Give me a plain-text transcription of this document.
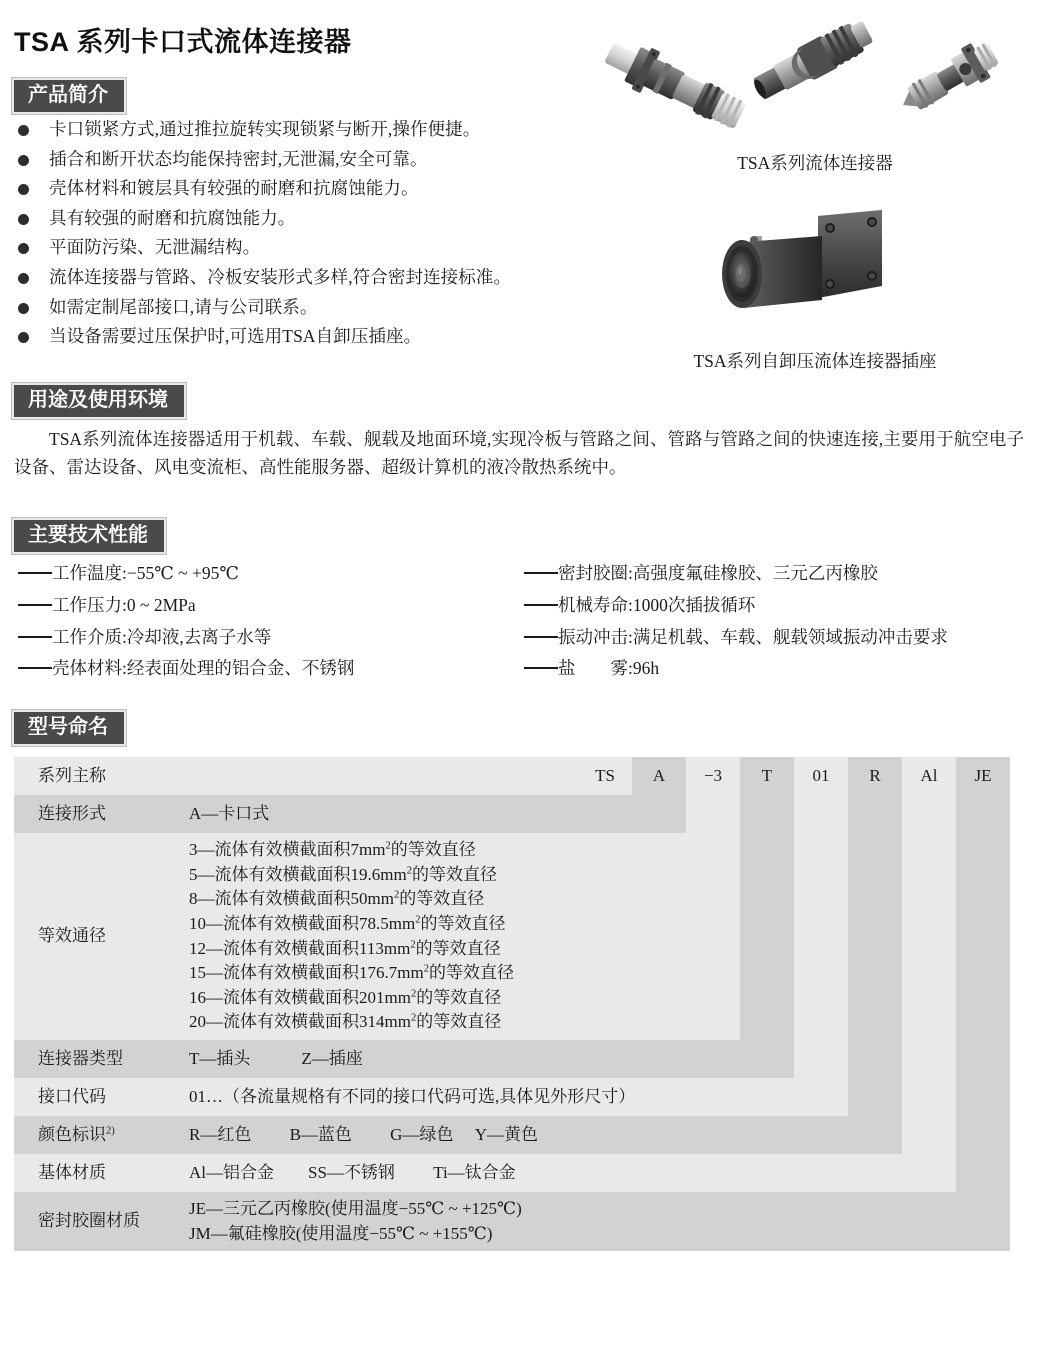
TSA 系列卡口式流体连接器
产品简介
卡口锁紧方式,通过推拉旋转实现锁紧与断开,操作便捷。
插合和断开状态均能保持密封,无泄漏,安全可靠。
壳体材料和镀层具有较强的耐磨和抗腐蚀能力。
具有较强的耐磨和抗腐蚀能力。
平面防污染、无泄漏结构。
流体连接器与管路、冷板安装形式多样,符合密封连接标准。
如需定制尾部接口,请与公司联系。
当设备需要过压保护时,可选用TSA自卸压插座。
TSA系列流体连接器
TSA系列自卸压流体连接器插座
用途及使用环境
TSA系列流体连接器适用于机载、车载、舰载及地面环境,实现冷板与管路之间、管路与管路之间的快速连接,主要用于航空电子设备、雷达设备、风电变流柜、高性能服务器、超级计算机的液冷散热系统中。
主要技术性能
工作温度:−55℃ ~ +95℃
工作压力:0 ~ 2MPa
工作介质:冷却液,去离子水等
壳体材料:经表面处理的铝合金、不锈钢
密封胶圈:高强度氟硅橡胶、三元乙丙橡胶
机械寿命:1000次插拔循环
振动冲击:满足机载、车载、舰载领域振动冲击要求
盐　　雾:96h
型号命名
系列主称	TS	A	−3	T	01	R	Al	JE
连接形式	A—卡口式
等效通径
3—流体有效横截面积$7mm^2$的等效直径
5—流体有效横截面积$19.6mm^2$的等效直径
8—流体有效横截面积$50mm^2$的等效直径
10—流体有效横截面积$78.5mm^2$的等效直径
12—流体有效横截面积$113mm^2$的等效直径
15—流体有效横截面积$176.7mm^2$的等效直径
16—流体有效横截面积$201mm^2$的等效直径
20—流体有效横截面积$314mm^2$的等效直径
连接器类型	T—插头　　　Z—插座
接口代码	01…（各流量规格有不同的接口代码可选,具体见外形尺寸）
颜色标识$^{2)}$	R—红色　　 B—蓝色　　 G—绿色　 Y—黄色
基体材质	Al—铝合金　　SS—不锈钢　　 Ti—钛合金
密封胶圈材质
JE—三元乙丙橡胶(使用温度−55℃ ~ +125℃)
JM—氟硅橡胶(使用温度−55℃ ~ +155℃)
